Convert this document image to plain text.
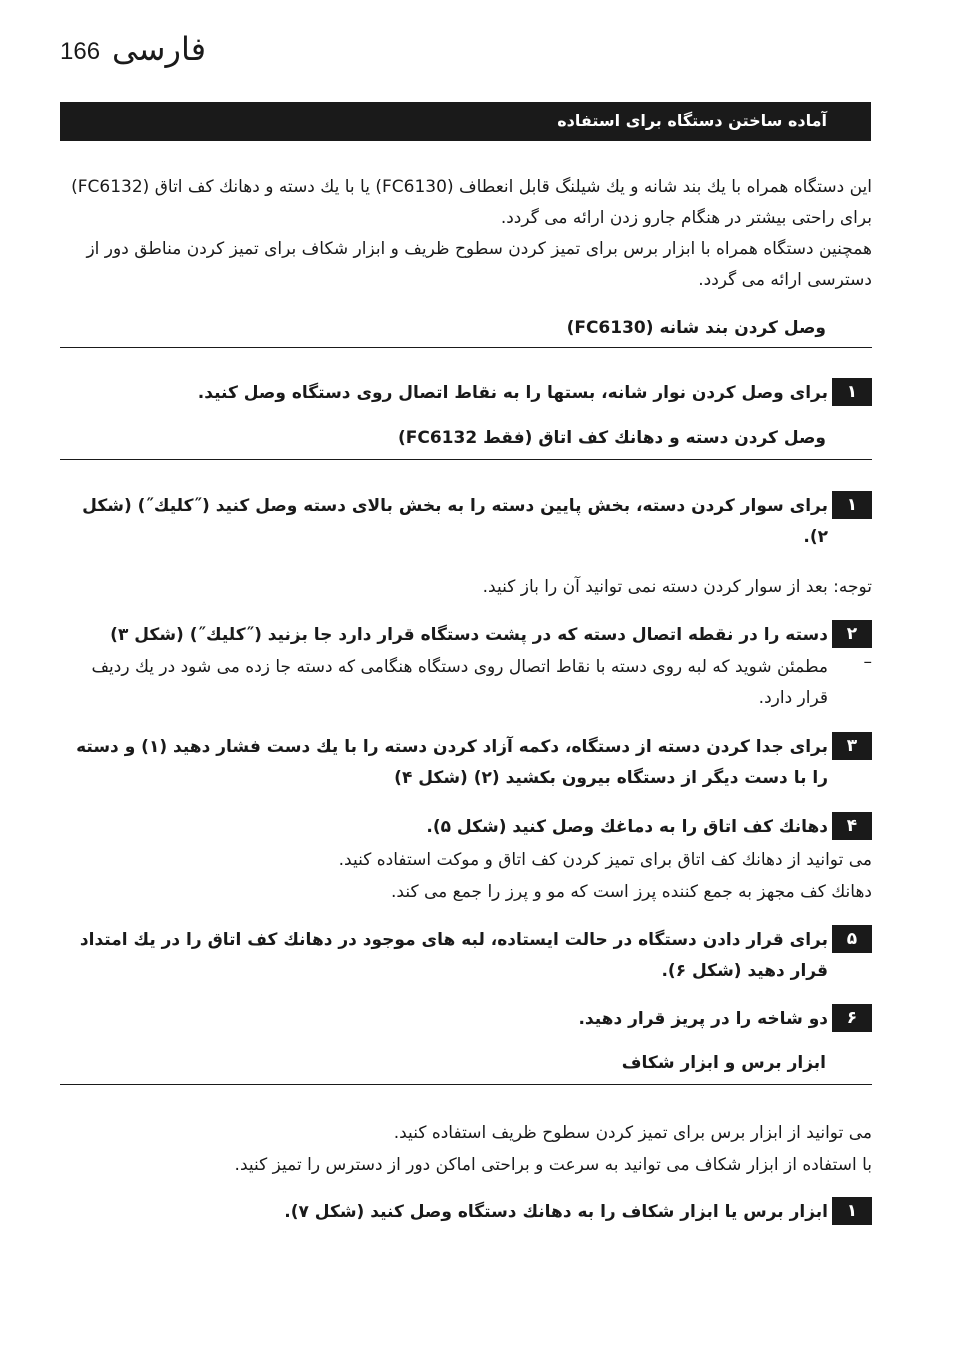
166 فارسی
آماده ساختن دستگاه برای استفاده
این دستگاه همراه با یك بند شانه و یك شیلنگ قابل انعطاف (FC6130) یا با یك دسته و دهانك كف اتاق (FC6132) برای راحتی بیشتر در هنگام جارو زدن ارائه می گردد.
همچنین دستگاه همراه با ابزار برس برای تمیز كردن سطوح ظریف و ابزار شكاف برای تمیز كردن مناطق دور از دسترسی ارائه می گردد.
وصل كردن بند شانه (FC6130)
۱
برای وصل كردن نوار شانه، بستها را به نقاط اتصال روی دستگاه وصل كنید.
وصل كردن دسته و دهانك كف اتاق (فقط FC6132)
۱
برای سوار كردن دسته، بخش پایین دسته را به بخش بالای دسته وصل كنید (˝كلیك˝) (شكل ۲).
توجه: بعد از سوار كردن دسته نمی توانید آن را باز كنید.
۲
دسته را در نقطه اتصال دسته كه در پشت دستگاه قرار دارد جا بزنید (˝كلیك˝) (شكل ۳)
–
مطمئن شوید كه لبه روی دسته با نقاط اتصال روی دستگاه هنگامی كه دسته جا زده می شود در یك ردیف قرار دارد.
۳
برای جدا كردن دسته از دستگاه، دكمه آزاد كردن دسته را با یك دست فشار دهید (۱) و دسته را با دست دیگر از دستگاه بیرون بكشید (۲) (شكل ۴)
۴
دهانك كف اتاق را به دماغك وصل كنید (شكل ۵).
می توانید از دهانك كف اتاق برای تمیز كردن كف اتاق و موكت استفاده كنید.
دهانك كف مجهز به جمع كننده پرز است كه مو و پرز را جمع می كند.
۵
برای قرار دادن دستگاه در حالت ایستاده، لبه های موجود در دهانك كف اتاق را در یك امتداد قرار دهید (شكل ۶).
۶
دو شاخه را در پریز قرار دهید.
ابزار برس و ابزار شكاف
می توانید از ابزار برس برای تمیز كردن سطوح ظریف استفاده كنید.
با استفاده از ابزار شكاف می توانید به سرعت و براحتی اماكن دور از دسترس را تمیز كنید.
۱
ابزار برس یا ابزار شكاف را به دهانك دستگاه وصل كنید (شكل ۷).
